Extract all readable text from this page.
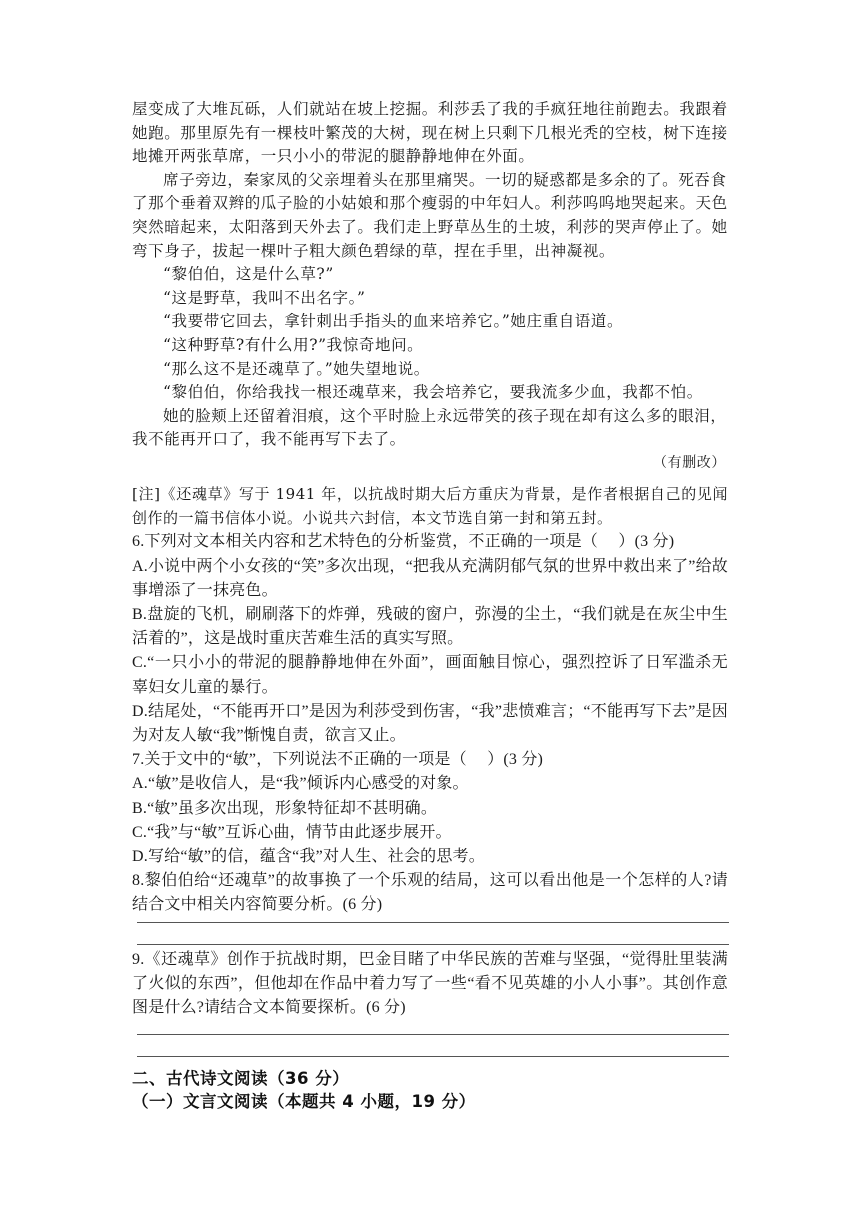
屋变成了大堆瓦砾，人们就站在坡上挖掘。利莎丢了我的手疯狂地往前跑去。我跟着她跑。那里原先有一棵枝叶繁茂的大树，现在树上只剩下几根光秃的空枝，树下连接地摊开两张草席，一只小小的带泥的腿静静地伸在外面。

席子旁边，秦家凤的父亲埋着头在那里痛哭。一切的疑惑都是多余的了。死吞食了那个垂着双辫的瓜子脸的小姑娘和那个瘦弱的中年妇人。利莎呜呜地哭起来。天色突然暗起来，太阳落到天外去了。我们走上野草丛生的土坡，利莎的哭声停止了。她弯下身子，拔起一棵叶子粗大颜色碧绿的草，捏在手里，出神凝视。

“黎伯伯，这是什么草?”

“这是野草，我叫不出名字。”

“我要带它回去，拿针刺出手指头的血来培养它。”她庄重自语道。

“这种野草?有什么用?”我惊奇地问。

“那么这不是还魂草了。”她失望地说。

“黎伯伯，你给我找一根还魂草来，我会培养它，要我流多少血，我都不怕。

她的脸颊上还留着泪痕，这个平时脸上永远带笑的孩子现在却有这么多的眼泪，我不能再开口了，我不能再写下去了。

（有删改）

[注]《还魂草》写于 1941 年，以抗战时期大后方重庆为背景，是作者根据自己的见闻创作的一篇书信体小说。小说共六封信，本文节选自第一封和第五封。

6.下列对文本相关内容和艺术特色的分析鉴赏，不正确的一项是（　 ）(3 分)

A.小说中两个小女孩的“笑”多次出现，“把我从充满阴郁气氛的世界中救出来了”给故事增添了一抹亮色。

B.盘旋的飞机，刷刷落下的炸弹，残破的窗户，弥漫的尘土，“我们就是在灰尘中生活着的”，这是战时重庆苦难生活的真实写照。

C.“一只小小的带泥的腿静静地伸在外面”，画面触目惊心，强烈控诉了日军滥杀无辜妇女儿童的暴行。

D.结尾处，“不能再开口”是因为利莎受到伤害，“我”悲愤难言；“不能再写下去”是因为对友人敏“我”惭愧自责，欲言又止。

7.关于文中的“敏”，下列说法不正确的一项是（　 ）(3 分)

A.“敏”是收信人，是“我”倾诉内心感受的对象。

B.“敏”虽多次出现，形象特征却不甚明确。

C.“我”与“敏”互诉心曲，情节由此逐步展开。

D.写给“敏”的信，蕴含“我”对人生、社会的思考。

8.黎伯伯给“还魂草”的故事换了一个乐观的结局，这可以看出他是一个怎样的人?请结合文中相关内容简要分析。(6 分)

9.《还魂草》创作于抗战时期，巴金目睹了中华民族的苦难与坚强，“觉得肚里装满了火似的东西”，但他却在作品中着力写了一些“看不见英雄的小人小事”。其创作意图是什么?请结合文本简要探析。(6 分)

二、古代诗文阅读（36 分）
（一）文言文阅读（本题共 4 小题，19 分）
